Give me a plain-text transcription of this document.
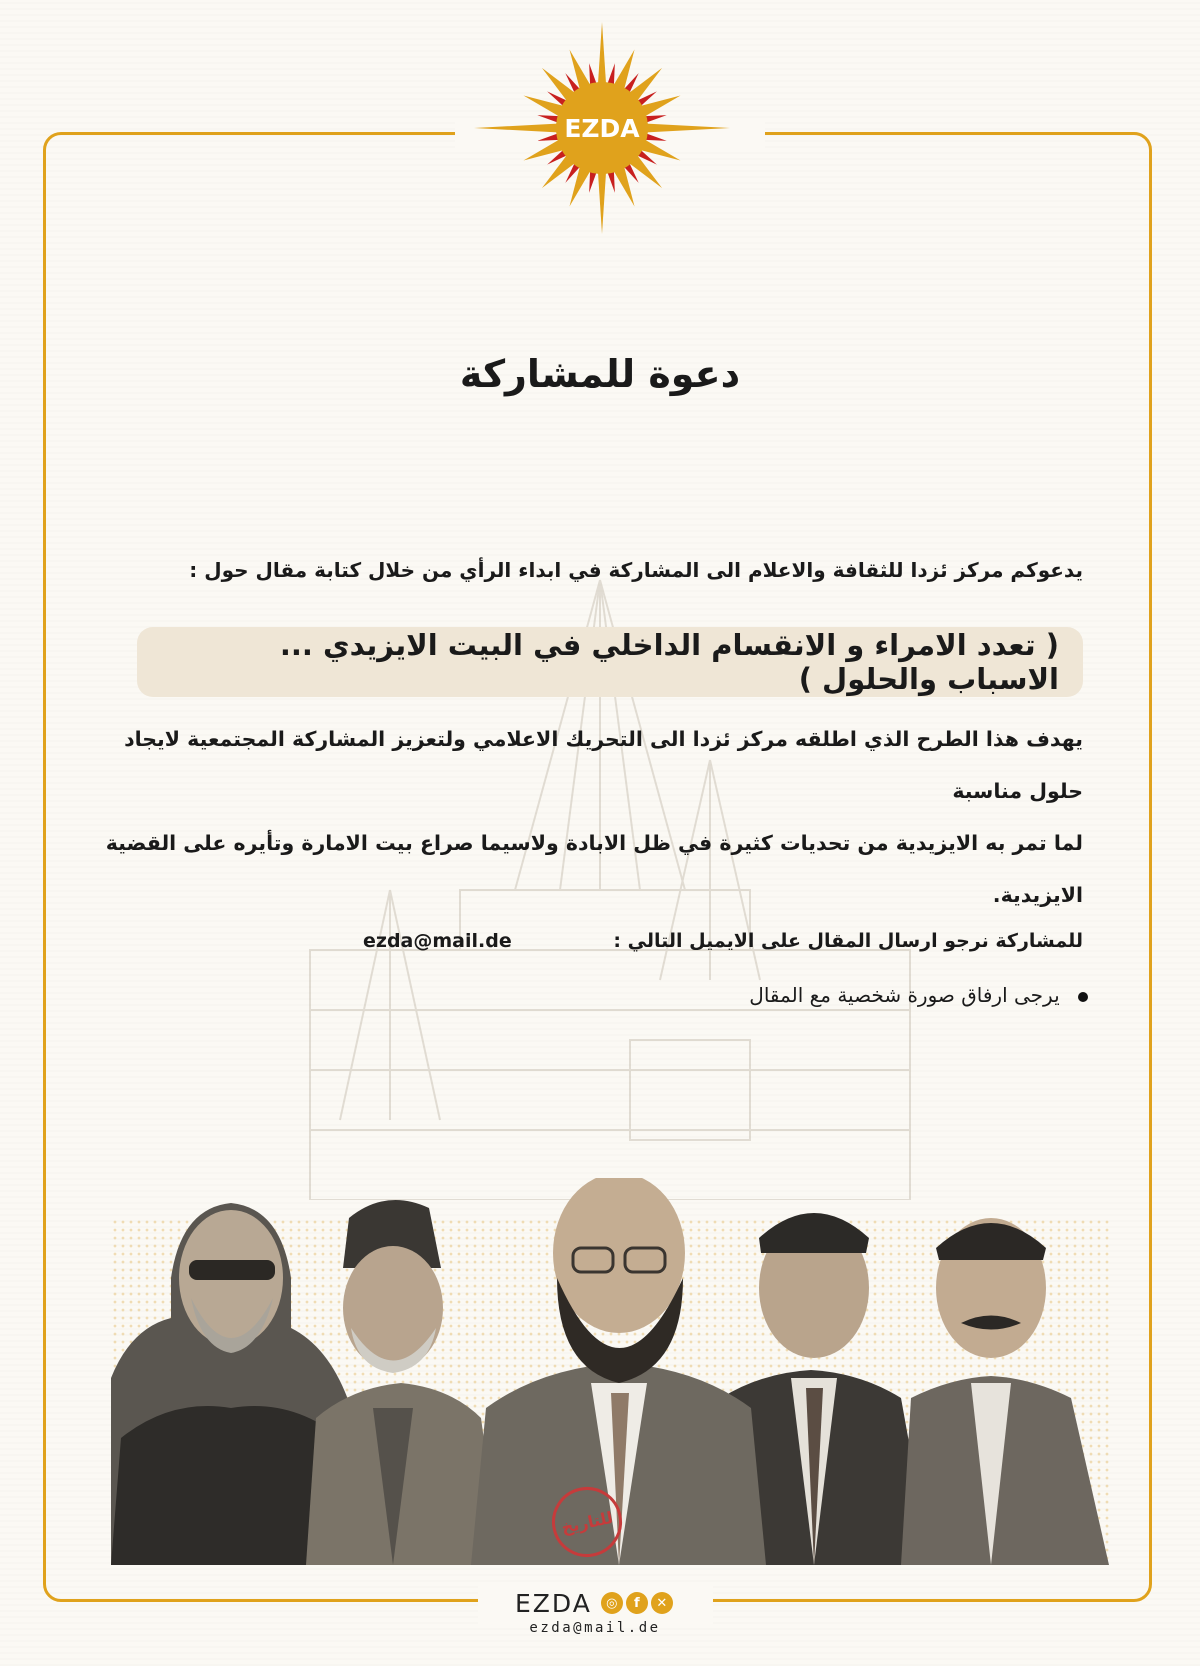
EZDA
دعوة للمشاركة
يدعوكم مركز ئزدا للثقافة والاعلام الى المشاركة في ابداء الرأي من خلال كتابة مقال حول :
( تعدد الامراء و الانقسام الداخلي في البيت الايزيدي ... الاسباب والحلول )

يهدف هذا الطرح الذي اطلقه مركز ئزدا الى التحريك الاعلامي ولتعزيز المشاركة المجتمعية لايجاد حلول مناسبة

لما تمر به الايزيدية من تحديات كثيرة في ظل الابادة ولاسيما صراع بيت الامارة وتأيره على القضية الايزيدية.

للمشاركة نرجو ارسال المقال على الايميل التالي :
ezda@mail.de
يرجى ارفاق صورة شخصية مع المقال
للتاريخ
EZDA	◎	f	✕
ezda@mail.de
